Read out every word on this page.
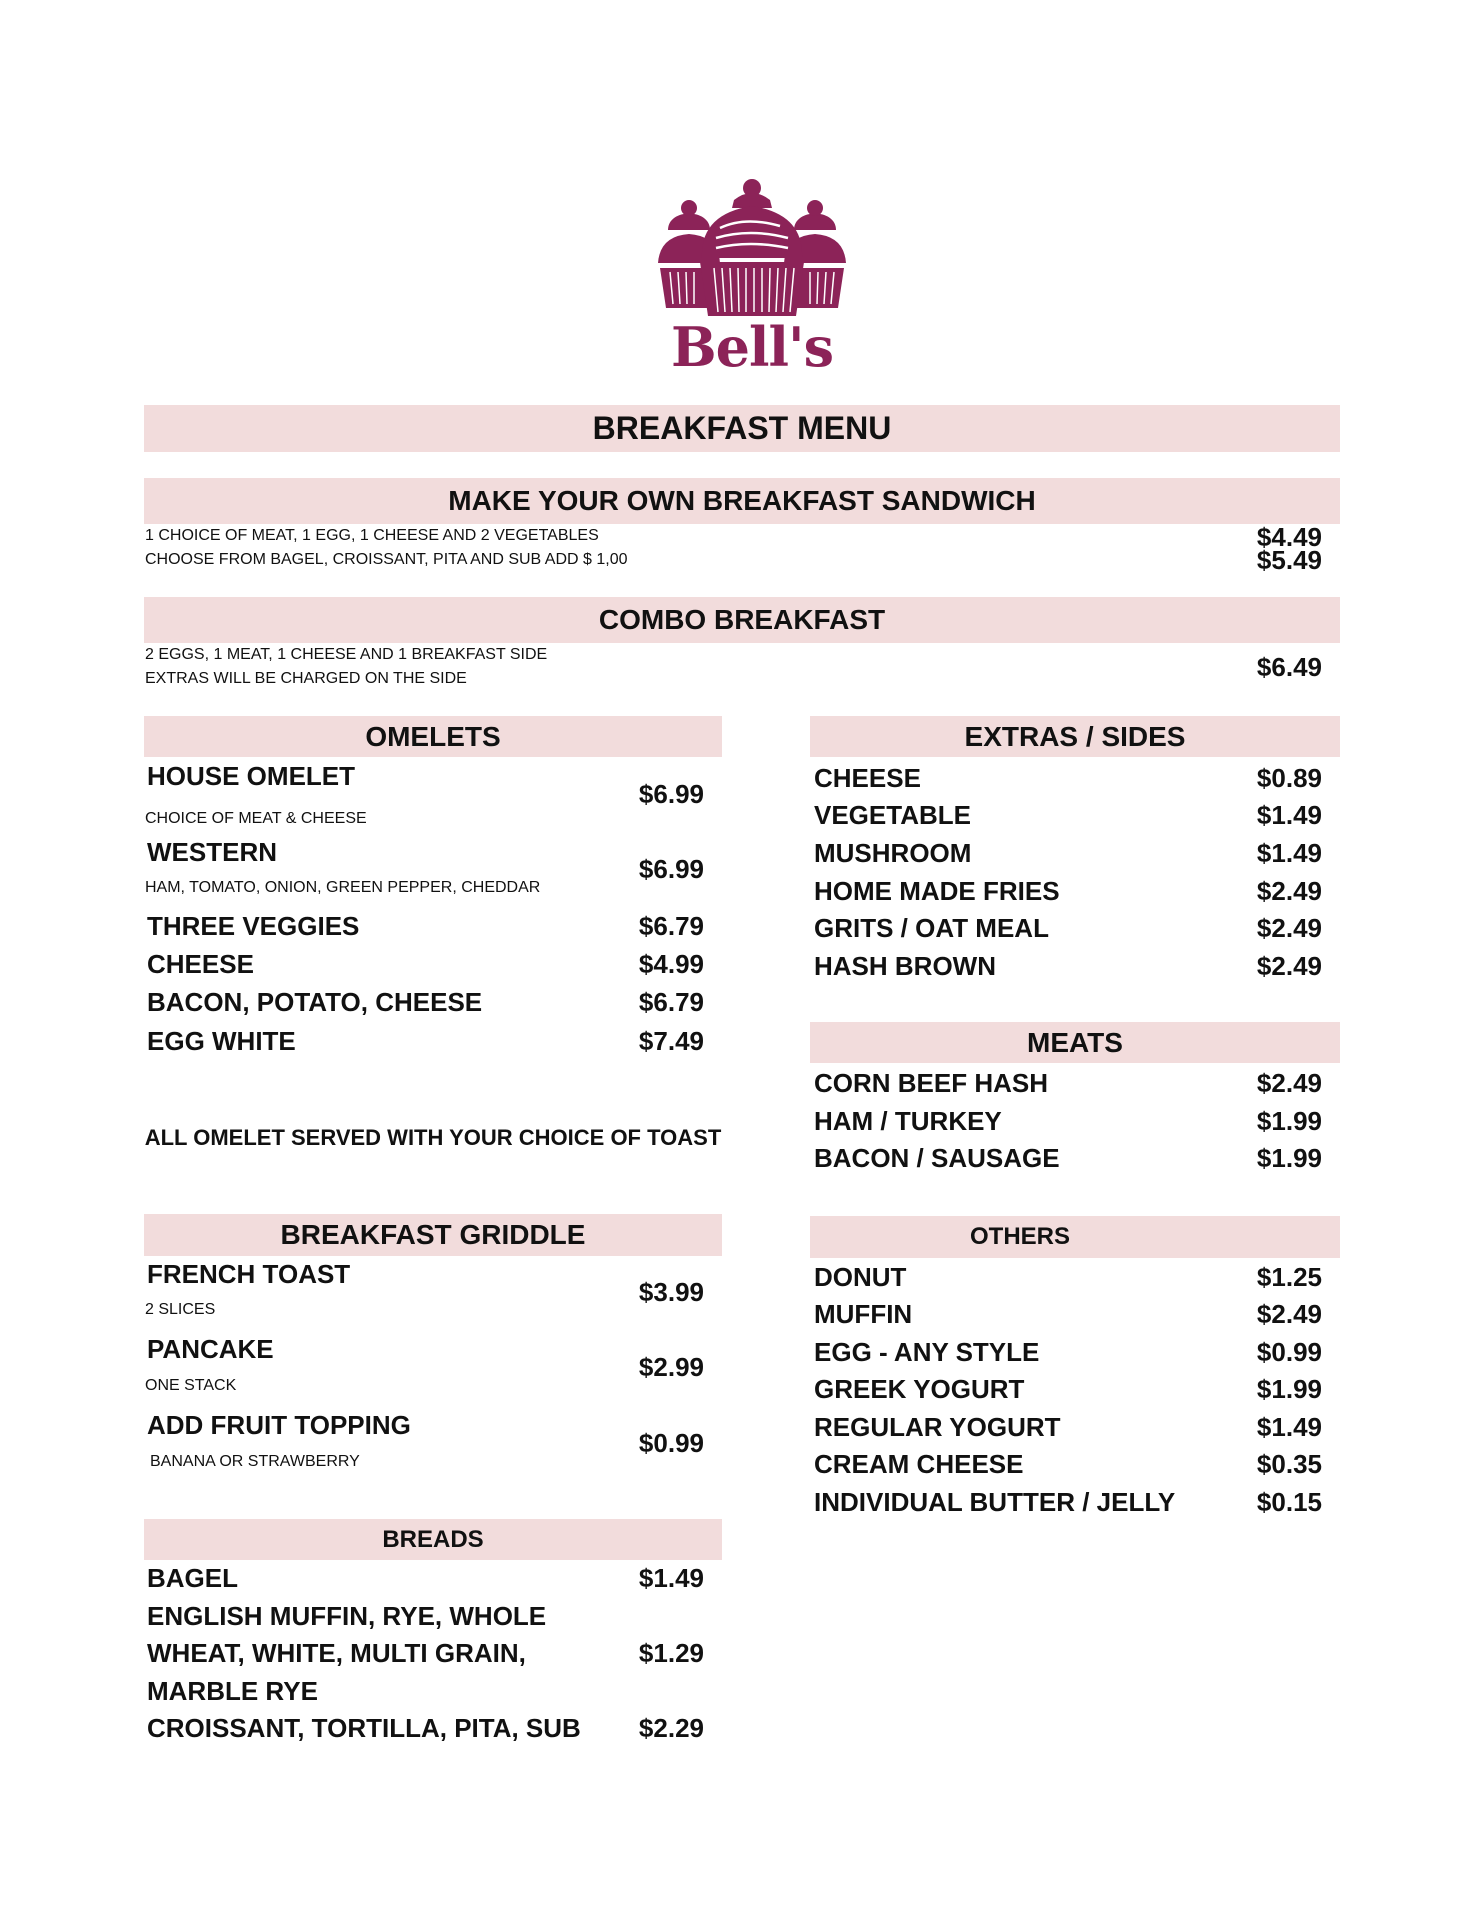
Bell's
BREAKFAST MENU
MAKE YOUR OWN BREAKFAST SANDWICH
1 CHOICE OF MEAT, 1 EGG, 1 CHEESE AND 2 VEGETABLES
CHOOSE FROM BAGEL, CROISSANT, PITA AND SUB ADD $ 1,00
$4.49
$5.49
COMBO BREAKFAST
2 EGGS, 1 MEAT, 1 CHEESE AND 1 BREAKFAST SIDE
EXTRAS WILL BE CHARGED ON THE SIDE	$6.49
OMELETS
HOUSE OMELET
CHOICE OF MEAT & CHEESE
$6.99
WESTERN
HAM, TOMATO, ONION, GREEN PEPPER, CHEDDAR
$6.99
THREE VEGGIES	$6.79
CHEESE	$4.99
BACON, POTATO, CHEESE	$6.79
EGG WHITE	$7.49
ALL OMELET SERVED WITH YOUR CHOICE OF TOAST
EXTRAS / SIDES
CHEESE	$0.89
VEGETABLE	$1.49
MUSHROOM	$1.49
HOME MADE FRIES	$2.49
GRITS / OAT MEAL	$2.49
HASH BROWN	$2.49
MEATS
CORN BEEF HASH	$2.49
HAM / TURKEY	$1.99
BACON / SAUSAGE	$1.99
BREAKFAST GRIDDLE
FRENCH TOAST
2 SLICES
$3.99
PANCAKE
ONE STACK
$2.99
ADD FRUIT TOPPING
BANANA OR STRAWBERRY
$0.99
OTHERS
DONUT	$1.25
MUFFIN	$2.49
EGG - ANY STYLE	$0.99
GREEK YOGURT	$1.99
REGULAR YOGURT	$1.49
CREAM CHEESE	$0.35
INDIVIDUAL BUTTER / JELLY	$0.15
BREADS
BAGEL	$1.49
ENGLISH MUFFIN, RYE, WHOLE
WHEAT, WHITE, MULTI GRAIN,
MARBLE RYE
$1.29
CROISSANT, TORTILLA, PITA, SUB	$2.29
